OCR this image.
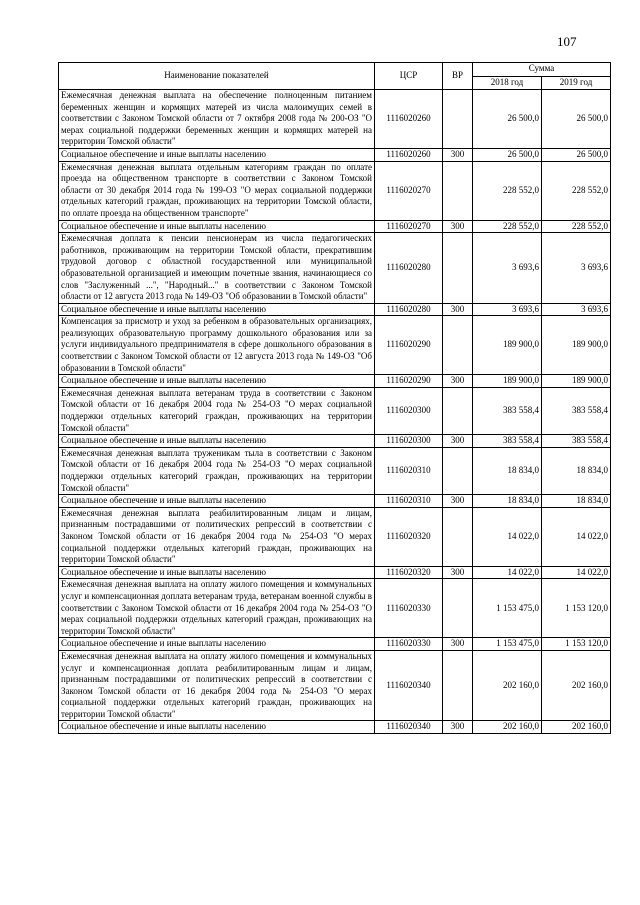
107
Наименование показателей	ЦСР	ВР	Сумма	
			2018 год	2019 год
Ежемесячная денежная выплата на обеспечение полноценным питанием беременных женщин и кормящих матерей из числа малоимущих семей в соответствии с Законом Томской области от 7 октября 2008 года № 200-ОЗ "О мерах социальной поддержки беременных женщин и кормящих матерей на территории Томской области"	1116020260		26 500,0	26 500,0
Социальное обеспечение и иные выплаты населению	1116020260	300	26 500,0	26 500,0
Ежемесячная денежная выплата отдельным категориям граждан по оплате проезда на общественном транспорте в соответствии с Законом Томской области от 30 декабря 2014 года № 199-ОЗ "О мерах социальной поддержки отдельных категорий граждан, проживающих на территории Томской области, по оплате проезда на общественном транспорте"	1116020270		228 552,0	228 552,0
Социальное обеспечение и иные выплаты населению	1116020270	300	228 552,0	228 552,0
Ежемесячная доплата к пенсии пенсионерам из числа педагогических работников, проживающим на территории Томской области, прекратившим трудовой договор с областной государственной или муниципальной образовательной организацией и имеющим почетные звания, начинающиеся со слов "Заслуженный ...", "Народный..." в соответствии с Законом Томской области от 12 августа 2013 года № 149-ОЗ "Об образовании в Томской области"	1116020280		3 693,6	3 693,6
Социальное обеспечение и иные выплаты населению	1116020280	300	3 693,6	3 693,6
Компенсация за присмотр и уход за ребенком в образовательных организациях, реализующих образовательную программу дошкольного образования или за услуги индивидуального предпринимателя в сфере дошкольного образования в соответствии с Законом Томской области от 12 августа 2013 года № 149-ОЗ "Об образовании в Томской области"	1116020290		189 900,0	189 900,0
Социальное обеспечение и иные выплаты населению	1116020290	300	189 900,0	189 900,0
Ежемесячная денежная выплата ветеранам труда в соответствии с Законом Томской области от 16 декабря 2004 года № 254-ОЗ "О мерах социальной поддержки отдельных категорий граждан, проживающих на территории Томской области"	1116020300		383 558,4	383 558,4
Социальное обеспечение и иные выплаты населению	1116020300	300	383 558,4	383 558,4
Ежемесячная денежная выплата труженикам тыла в соответствии с Законом Томской области от 16 декабря 2004 года № 254-ОЗ "О мерах социальной поддержки отдельных категорий граждан, проживающих на территории Томской области"	1116020310		18 834,0	18 834,0
Социальное обеспечение и иные выплаты населению	1116020310	300	18 834,0	18 834,0
Ежемесячная денежная выплата реабилитированным лицам и лицам, признанным пострадавшими от политических репрессий в соответствии с Законом Томской области от 16 декабря 2004 года № 254-ОЗ "О мерах социальной поддержки отдельных категорий граждан, проживающих на территории Томской области"	1116020320		14 022,0	14 022,0
Социальное обеспечение и иные выплаты населению	1116020320	300	14 022,0	14 022,0
Ежемесячная денежная выплата на оплату жилого помещения и коммунальных услуг и компенсационная доплата ветеранам труда, ветеранам военной службы в соответствии с Законом Томской области от 16 декабря 2004 года № 254-ОЗ "О мерах социальной поддержки отдельных категорий граждан, проживающих на территории Томской области"	1116020330		1 153 475,0	1 153 120,0
Социальное обеспечение и иные выплаты населению	1116020330	300	1 153 475,0	1 153 120,0
Ежемесячная денежная выплата на оплату жилого помещения и коммунальных услуг и компенсационная доплата реабилитированным лицам и лицам, признанным пострадавшими от политических репрессий в соответствии с Законом Томской области от 16 декабря 2004 года № 254-ОЗ "О мерах социальной поддержки отдельных категорий граждан, проживающих на территории Томской области"	1116020340		202 160,0	202 160,0
Социальное обеспечение и иные выплаты населению	1116020340	300	202 160,0	202 160,0
